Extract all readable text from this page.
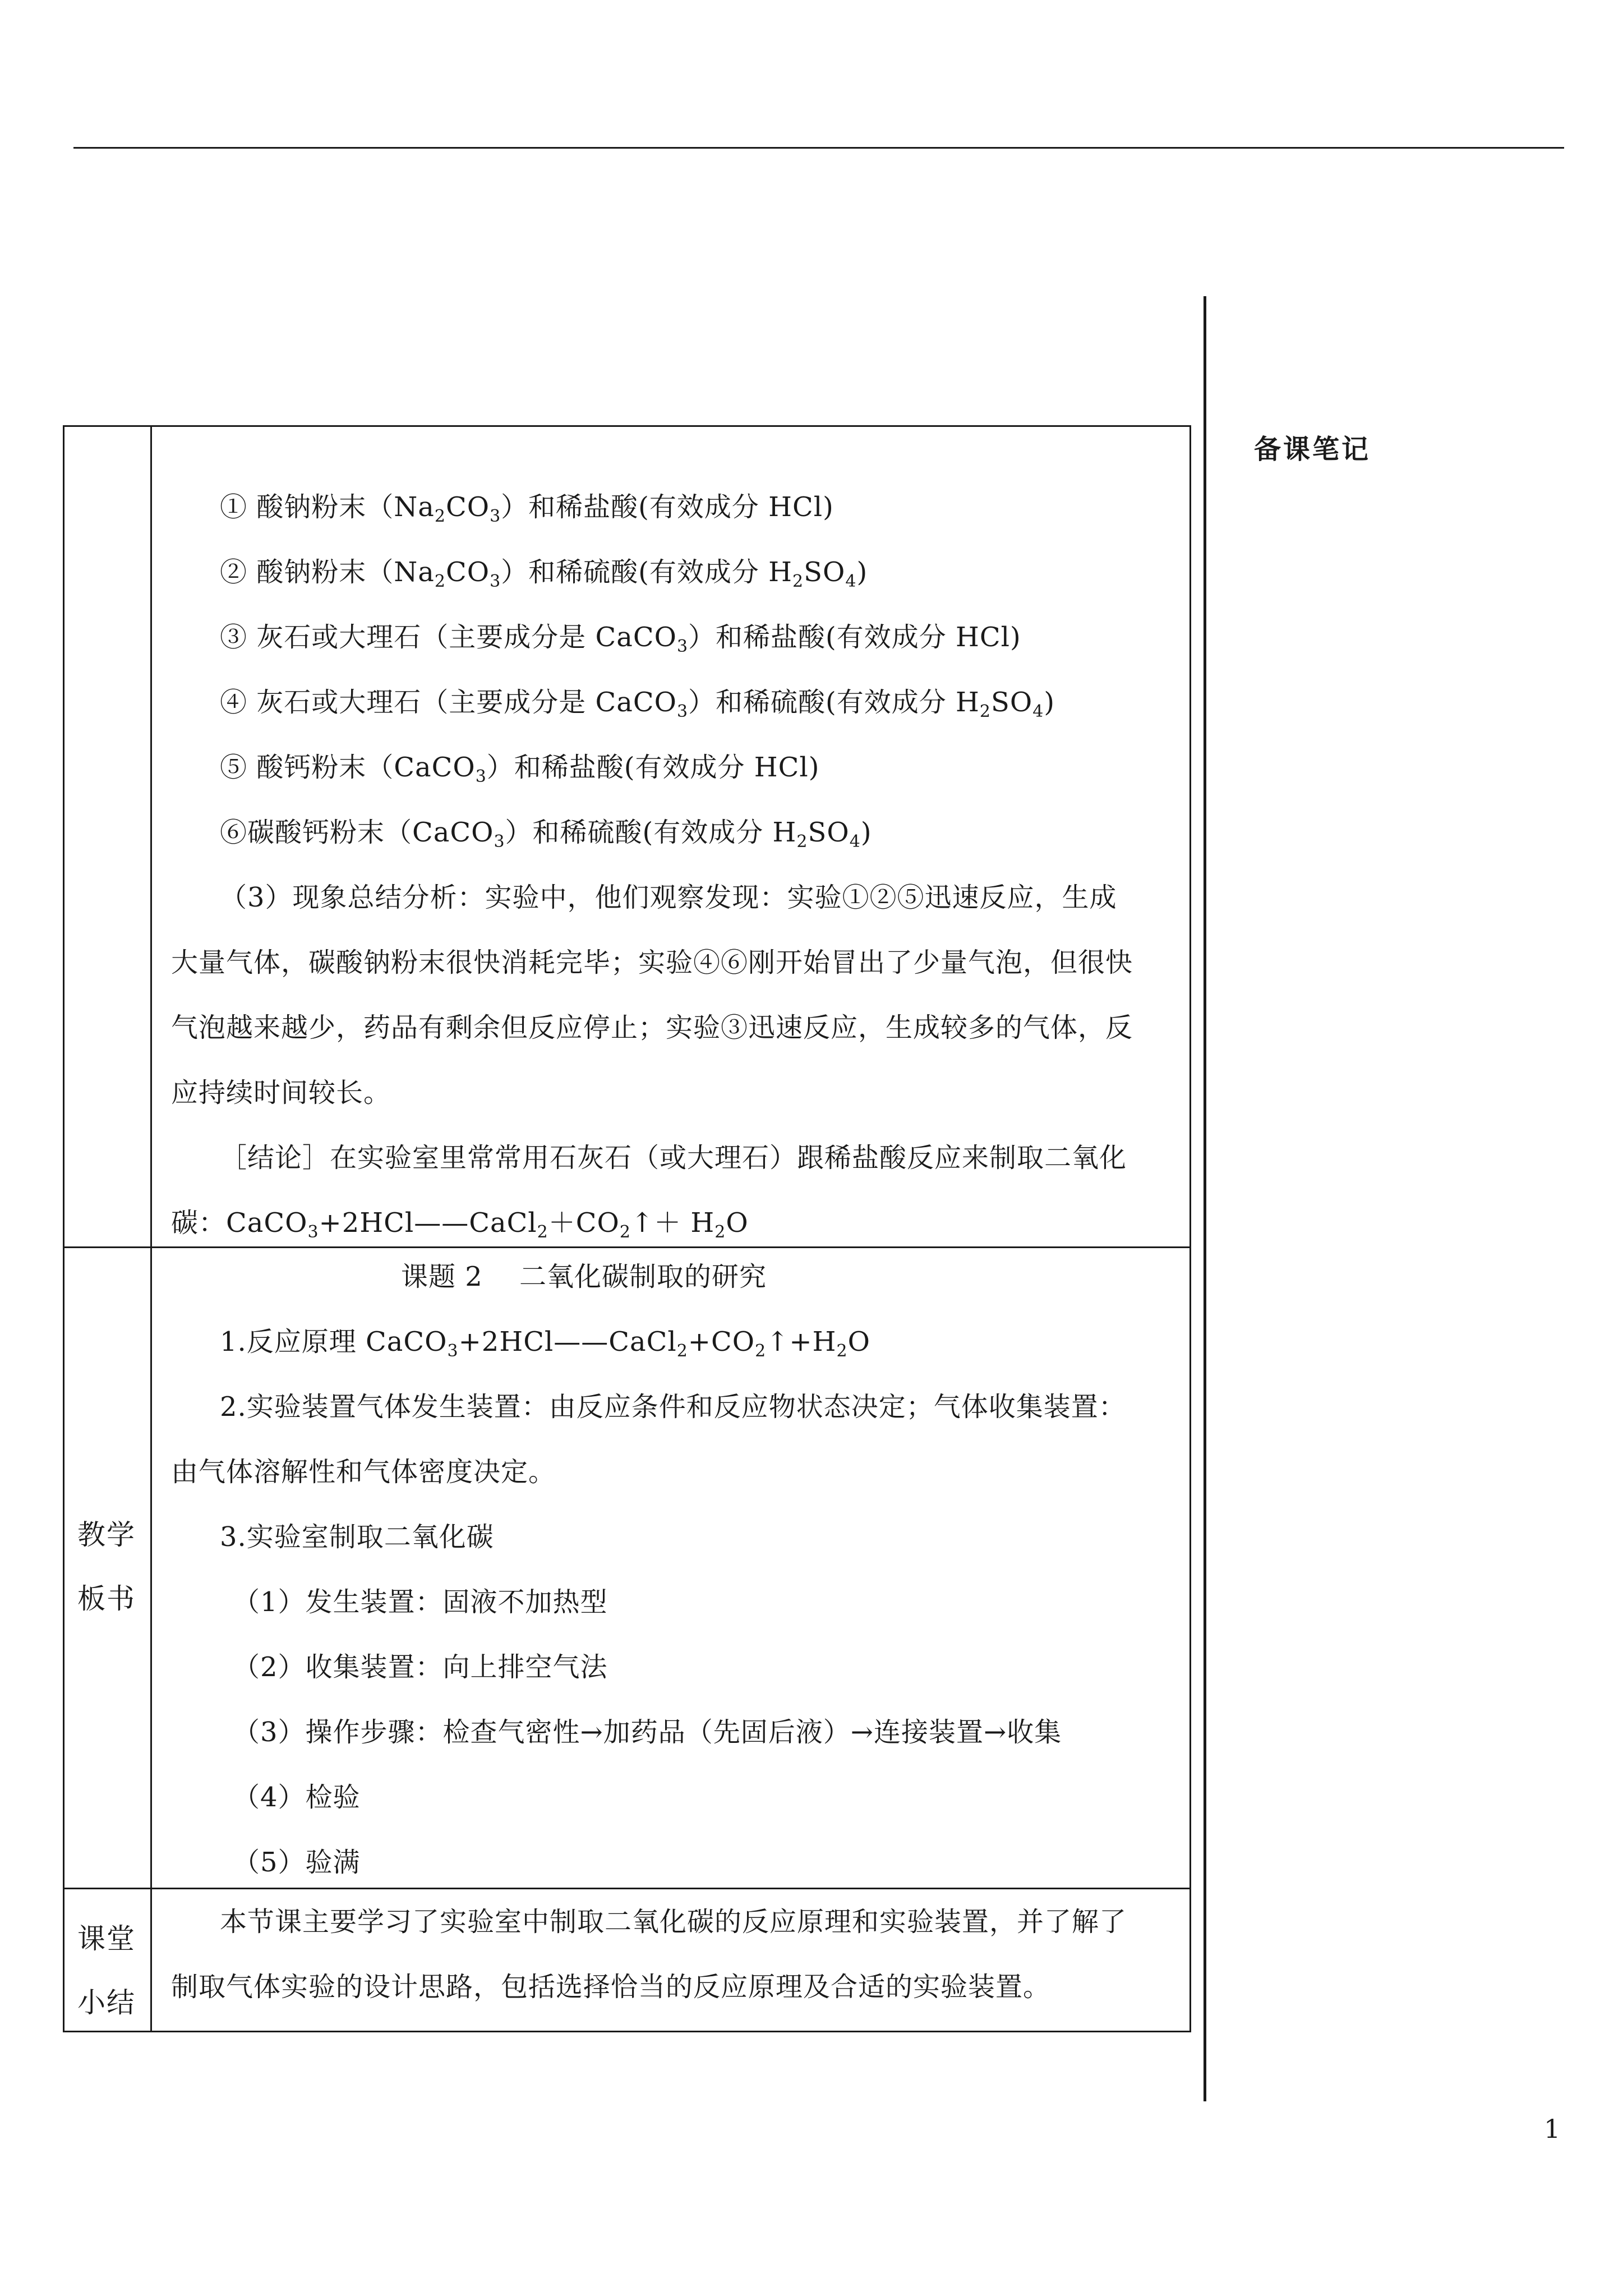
备课笔记
① 酸钠粉末$(Na_2CO_3)$和稀盐酸(有效成分 HCl)
② 酸钠粉末$(Na_2CO_3)$和稀硫酸(有效成分 $H_2SO_4$)
③ 灰石或大理石（主要成分是 CaCO$_3$）和稀盐酸(有效成分 HCl)
④ 灰石或大理石（主要成分是 CaCO$_3$）和稀硫酸(有效成分 $H_2SO_4$)
⑤ 酸钙粉末（CaCO$_3$）和稀盐酸(有效成分 HCl)
⑥碳酸钙粉末（CaCO$_3$）和稀硫酸(有效成分 $H_2SO_4$)
（3）现象总结分析：实验中，他们观察发现：实验①②⑤迅速反应，生成
大量气体，碳酸钠粉末很快消耗完毕；实验④⑥刚开始冒出了少量气泡，但很快
气泡越来越少，药品有剩余但反应停止；实验③迅速反应，生成较多的气体，反
应持续时间较长。
［结论］在实验室里常常用石灰石（或大理石）跟稀盐酸反应来制取二氧化
碳：$CaCO_3+2HCl——CaCl_2+CO_2↑+ H_2O$
教学
板书
课题 2　 二氧化碳制取的研究
1.反应原理 $CaCO_3+2HCl——CaCl_2+CO_2↑+H_2O$
2.实验装置气体发生装置：由反应条件和反应物状态决定；气体收集装置：
由气体溶解性和气体密度决定。
3.实验室制取二氧化碳
（1）发生装置：固液不加热型
（2）收集装置：向上排空气法
（3）操作步骤：检查气密性→加药品（先固后液）→连接装置→收集
（4）检验
（5）验满
课堂
小结
本节课主要学习了实验室中制取二氧化碳的反应原理和实验装置，并了解了
制取气体实验的设计思路，包括选择恰当的反应原理及合适的实验装置。
1
